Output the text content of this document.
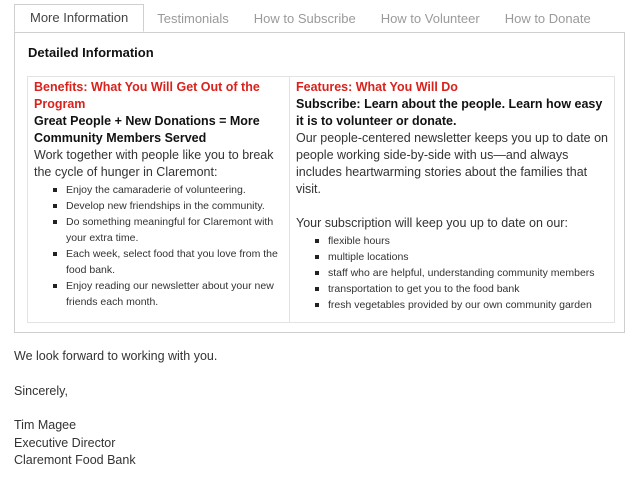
More Information	Testimonials	How to Subscribe	How to Volunteer	How to Donate
Detailed Information
Benefits: What You Will Get Out of the Program
Great People + New Donations = More Community Members Served
Work together with people like you to break the cycle of hunger in Claremont:
Enjoy the camaraderie of volunteering.
Develop new friendships in the community.
Do something meaningful for Claremont with your extra time.
Each week, select food that you love from the food bank.
Enjoy reading our newsletter about your new friends each month.
Features: What You Will Do
Subscribe: Learn about the people. Learn how easy it is to volunteer or donate.
Our people-centered newsletter keeps you up to date on people working side-by-side with us—and always includes heartwarming stories about the families that visit.
Your subscription will keep you up to date on our:
flexible hours
multiple locations
staff who are helpful, understanding community members
transportation to get you to the food bank
fresh vegetables provided by our own community garden
We look forward to working with you.
Sincerely,
Tim Magee
Executive Director
Claremont Food Bank
